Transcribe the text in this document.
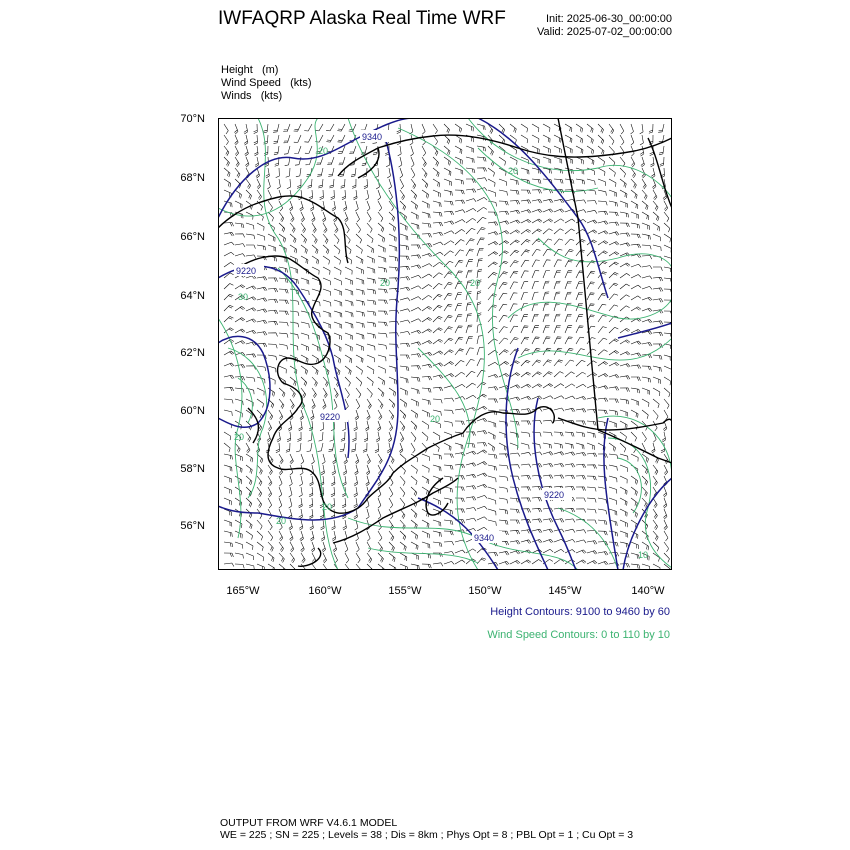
IWFAQRP Alaska Real Time WRF	Init: 2025-06-30_00:00:00
Valid: 2025-07-02_00:00:00
Height   (m)
Wind Speed   (kts)
Winds   (kts)
70°N
68°N
66°N
64°N
62°N
60°N
58°N
56°N
165°W	160°W	155°W	150°W	145°W	140°W
9340
9220
9220
9220
9340
20
20
20
30
20
20
20
20
20
10
Height Contours: 9100 to 9460 by 60
Wind Speed Contours: 0 to 110 by 10
OUTPUT FROM WRF V4.6.1 MODEL
WE = 225 ; SN = 225 ; Levels = 38 ; Dis = 8km ; Phys Opt = 8 ; PBL Opt = 1 ; Cu Opt = 3
